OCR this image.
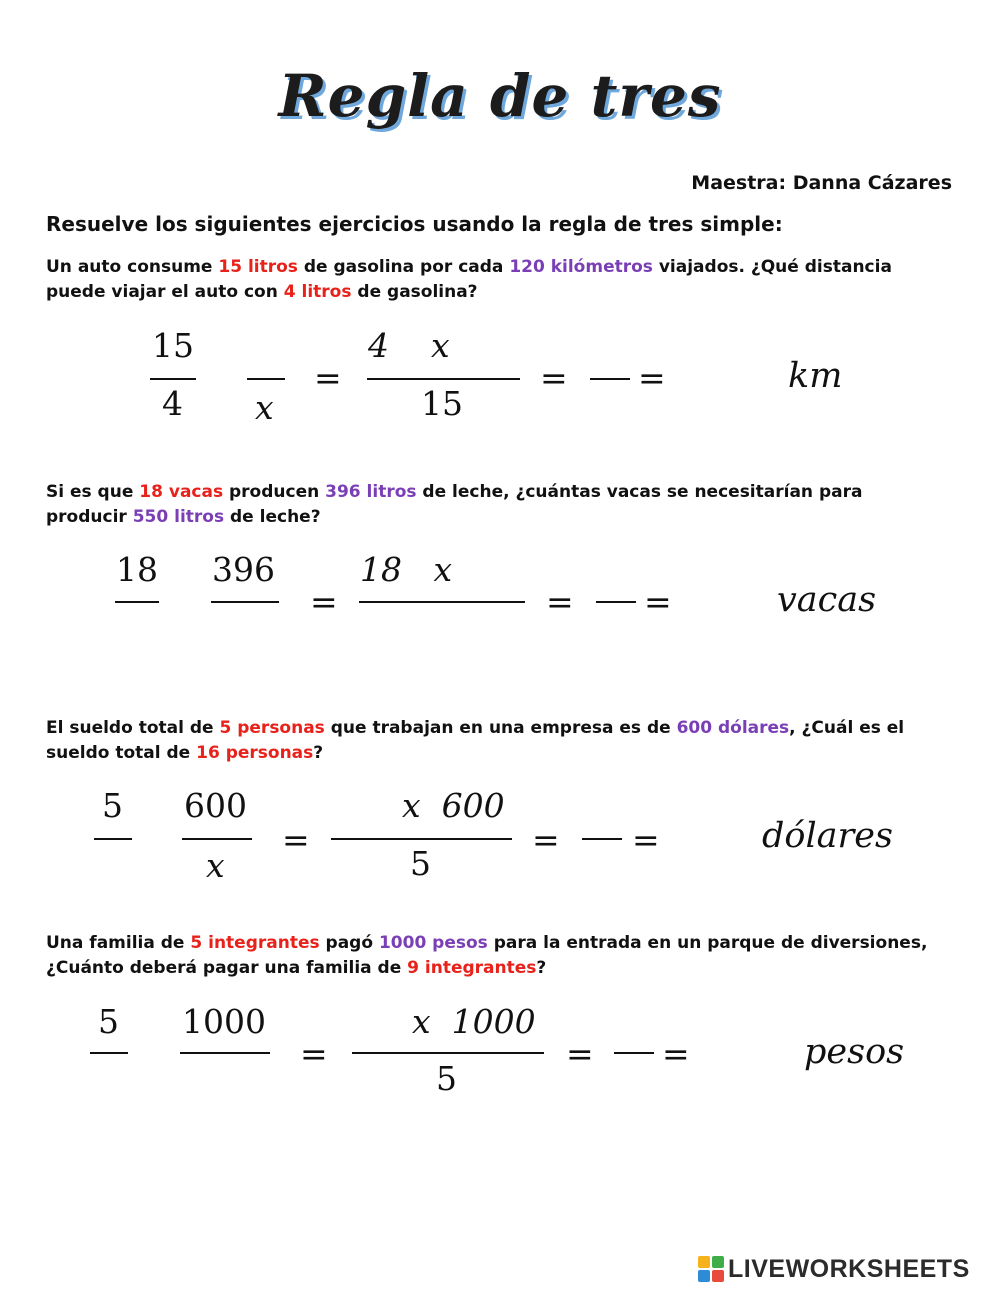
Regla de tres
Maestra: Danna Cázares
Resuelve los siguientes ejercicios usando la regla de tres simple:
Un auto consume 15 litros de gasolina por cada 120 kilómetros viajados. ¿Qué distancia puede viajar el auto con 4 litros de gasolina?
15
4 x
=
4    x
15
= =	km
Si es que 18 vacas producen 396 litros de leche, ¿cuántas vacas se necesitarían para producir 550 litros de leche?
18 396
=
18   x
= =	vacas
El sueldo total de 5 personas que trabajan en una empresa es de 600 dólares, ¿Cuál es el sueldo total de 16 personas?
5 600
x
=
x  600
5
= =	dólares
Una familia de 5 integrantes pagó 1000 pesos para la entrada en un parque de diversiones, ¿Cuánto deberá pagar una familia de 9 integrantes?
5 1000
=
x  1000
5
= =	pesos
LIVEWORKSHEETS
